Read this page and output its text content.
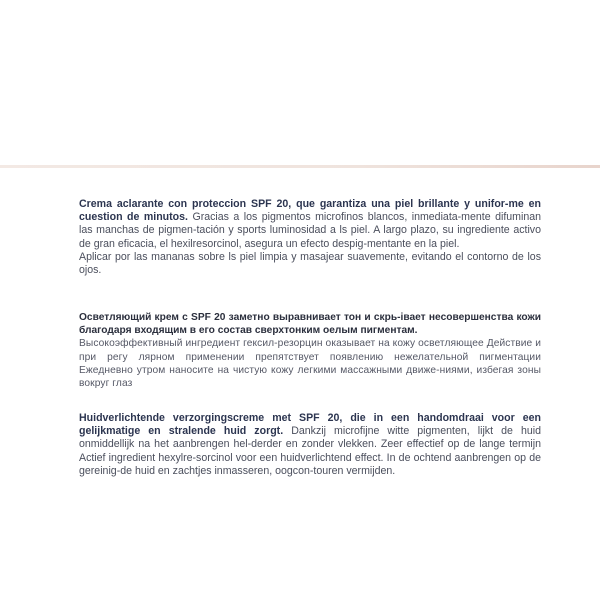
Crema aclarante con proteccion SPF 20, que garantiza una piel brillante y unifor-me en cuestion de minutos. Gracias a los pigmentos microfinos blancos, inmediata-mente difuminan las manchas de pigmen-tación y sports luminosidad a ls piel. A largo plazo, su ingrediente activo de gran eficacia, el hexilresorcinol, asegura un efecto despig-mentante en la piel.

Aplicar por las mananas sobre ls piel limpia y masajear suavemente, evitando el contorno de los ojos.

Осветляющий крем с SPF 20 заметно выравнивает тон и скрь-івает несовершенства кожи благодаря входящим в его состав сверхтонким оелым пигментам.

Высокоэффективный ингредиент гексил-резорцин оказывает на кожу осветляющее Действие и при регу лярном применении препятствует появлению нежелательной пигментации Ежедневно утром наносите на чистую кожу легкими массажными движе-ниями, избегая зоны вокруг глаз

Huidverlichtende verzorgingscreme met SPF 20, die in een handomdraai voor een gelijkmatige en stralende huid zorgt. Dankzij microfijne witte pigmenten, lijkt de huid onmiddellijk na het aanbrengen hel-derder en zonder vlekken. Zeer effectief op de lange termijn Actief ingredient hexylre-sorcinol voor een huidverlichtend effect. In de ochtend aanbrengen op de gereinig-de huid en zachtjes inmasseren, oogcon-touren vermijden.
